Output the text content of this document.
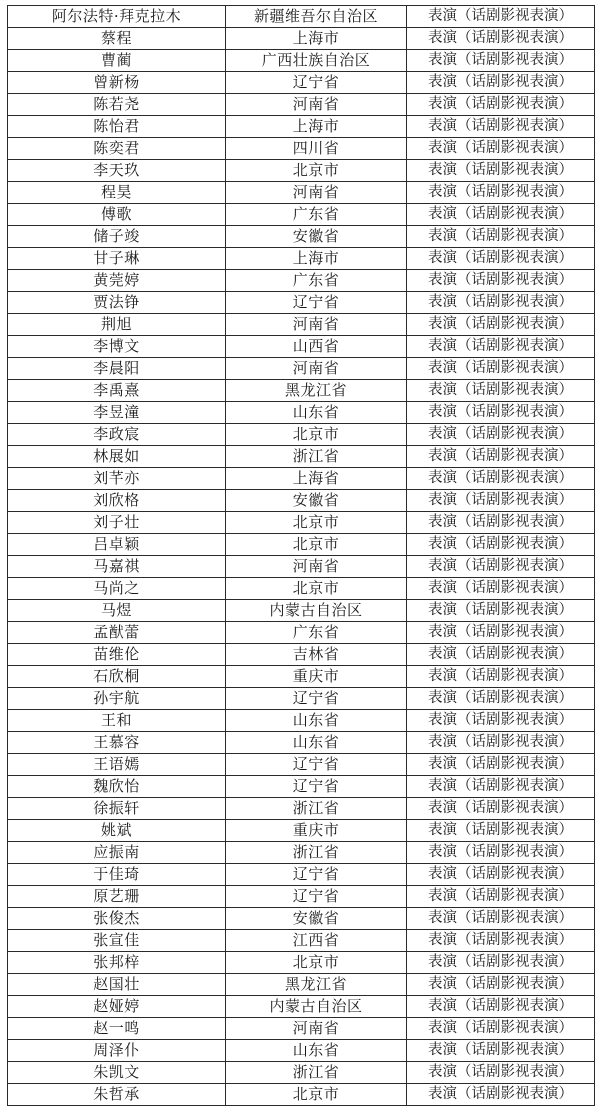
阿尔法特·拜克拉木	新疆维吾尔自治区	表演（话剧影视表演）
蔡程	上海市	表演（话剧影视表演）
曹蔺	广西壮族自治区	表演（话剧影视表演）
曾新杨	辽宁省	表演（话剧影视表演）
陈若尧	河南省	表演（话剧影视表演）
陈怡君	上海市	表演（话剧影视表演）
陈奕君	四川省	表演（话剧影视表演）
李天玖	北京市	表演（话剧影视表演）
程昊	河南省	表演（话剧影视表演）
傅歌	广东省	表演（话剧影视表演）
储子竣	安徽省	表演（话剧影视表演）
甘子琳	上海市	表演（话剧影视表演）
黄莞婷	广东省	表演（话剧影视表演）
贾法铮	辽宁省	表演（话剧影视表演）
荆旭	河南省	表演（话剧影视表演）
李博文	山西省	表演（话剧影视表演）
李晨阳	河南省	表演（话剧影视表演）
李禹熹	黑龙江省	表演（话剧影视表演）
李昱潼	山东省	表演（话剧影视表演）
李政宸	北京市	表演（话剧影视表演）
林展如	浙江省	表演（话剧影视表演）
刘芊亦	上海省	表演（话剧影视表演）
刘欣格	安徽省	表演（话剧影视表演）
刘子壮	北京市	表演（话剧影视表演）
吕卓颖	北京市	表演（话剧影视表演）
马嘉祺	河南省	表演（话剧影视表演）
马尚之	北京市	表演（话剧影视表演）
马煜	内蒙古自治区	表演（话剧影视表演）
孟猷蕾	广东省	表演（话剧影视表演）
苗维伦	吉林省	表演（话剧影视表演）
石欣桐	重庆市	表演（话剧影视表演）
孙宇航	辽宁省	表演（话剧影视表演）
王和	山东省	表演（话剧影视表演）
王慕容	山东省	表演（话剧影视表演）
王语嫣	辽宁省	表演（话剧影视表演）
魏欣怡	辽宁省	表演（话剧影视表演）
徐振轩	浙江省	表演（话剧影视表演）
姚斌	重庆市	表演（话剧影视表演）
应振南	浙江省	表演（话剧影视表演）
于佳琦	辽宁省	表演（话剧影视表演）
原艺珊	辽宁省	表演（话剧影视表演）
张俊杰	安徽省	表演（话剧影视表演）
张宣佳	江西省	表演（话剧影视表演）
张邦梓	北京市	表演（话剧影视表演）
赵国壮	黑龙江省	表演（话剧影视表演）
赵娅婷	内蒙古自治区	表演（话剧影视表演）
赵一鸣	河南省	表演（话剧影视表演）
周泽仆	山东省	表演（话剧影视表演）
朱凯文	浙江省	表演（话剧影视表演）
朱哲承	北京市	表演（话剧影视表演）
